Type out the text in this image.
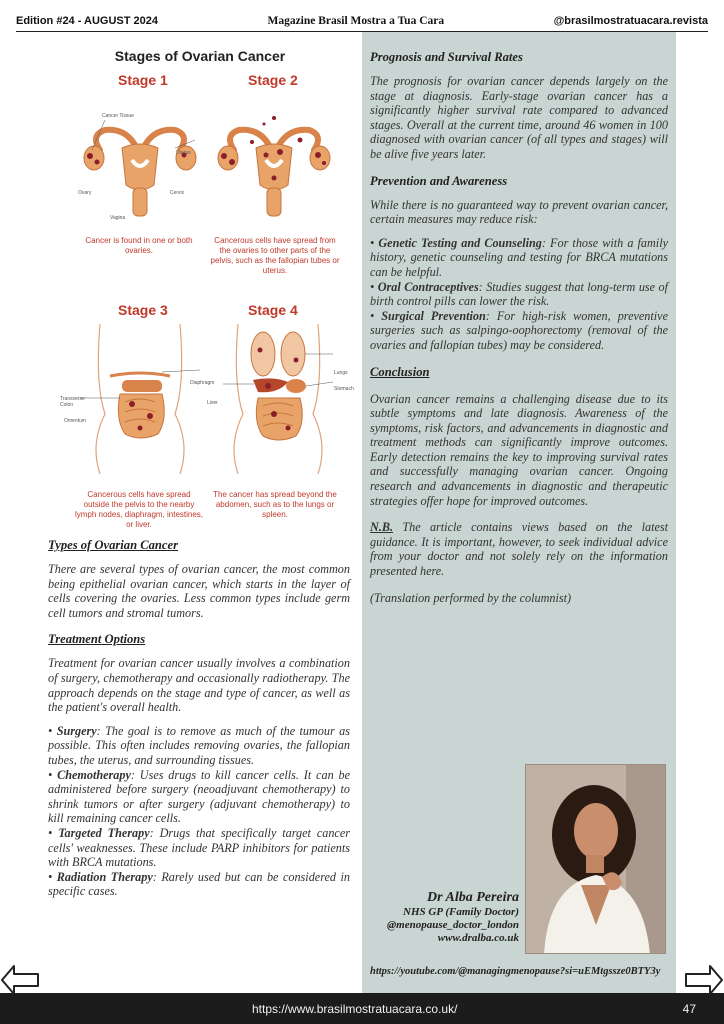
Edition #24 - AUGUST 2024	Magazine Brasil Mostra a Tua Cara	@brasilmostratuacara.revista
Stages of Ovarian Cancer
Stage 1	Stage 2
Cancer Tissue
Uterus
Ovary	Cervix
Vagina
Cancer is found in one or both ovaries.
Cancerous cells have spread from the ovaries to other parts of the pelvis, such as the fallopian tubes or uterus.
Stage 3	Stage 4
Diaphragm
Transverse Colon
Omentum
Lungs
Stomach
Liver
Cancerous cells have spread outside the pelvis to the nearby lymph nodes, diaphragm, intestines, or liver.
The cancer has spread beyond the abdomen, such as to the lungs or spleen.
Types of Ovarian Cancer

There are several types of ovarian cancer, the most common being epithelial ovarian cancer, which starts in the layer of cells covering the ovaries. Less common types include germ cell tumors and stromal tumors.

Treatment Options

Treatment for ovarian cancer usually involves a combination of surgery, chemotherapy and occasionally radiotherapy. The approach depends on the stage and type of cancer, as well as the patient's overall health.

• Surgery: The goal is to remove as much of the tumour as possible. This often includes removing ovaries, the fallopian tubes, the uterus, and surrounding tissues.

• Chemotherapy: Uses drugs to kill cancer cells. It can be administered before surgery (neoadjuvant chemotherapy) to shrink tumors or after surgery (adjuvant chemotherapy) to kill remaining cancer cells.

• Targeted Therapy: Drugs that specifically target cancer cells' weaknesses. These include PARP inhibitors for patients with BRCA mutations.

• Radiation Therapy: Rarely used but can be considered in specific cases.

Prognosis and Survival Rates

The prognosis for ovarian cancer depends largely on the stage at diagnosis. Early-stage ovarian cancer has a significantly higher survival rate compared to advanced stages. Overall at the current time, around 46 women in 100 diagnosed with ovarian cancer (of all types and stages) will be alive five years later.

Prevention and Awareness

While there is no guaranteed way to prevent ovarian cancer, certain measures may reduce risk:

• Genetic Testing and Counseling: For those with a family history, genetic counseling and testing for BRCA mutations can be helpful.

• Oral Contraceptives: Studies suggest that long-term use of birth control pills can lower the risk.

• Surgical Prevention: For high-risk women, preventive surgeries such as salpingo-oophorectomy (removal of the ovaries and fallopian tubes) may be considered.

Conclusion

Ovarian cancer remains a challenging disease due to its subtle symptoms and late diagnosis. Awareness of the symptoms, risk factors, and advancements in diagnostic and treatment methods can significantly improve outcomes. Early detection remains the key to improving survival rates and successfully managing ovarian cancer. Ongoing research and advancements in diagnostic and therapeutic strategies offer hope for improved outcomes.

N.B. The article contains views based on the latest guidance. It is important, however, to seek individual advice from your doctor and not solely rely on the information presented here.

(Translation performed by the columnist)

Dr Alba Pereira
NHS GP (Family Doctor)
@menopause_doctor_london
www.dralba.co.uk
https://youtube.com/@managingmenopause?si=uEMtgssze0BTY3y
https://www.brasilmostratuacara.co.uk/	47
